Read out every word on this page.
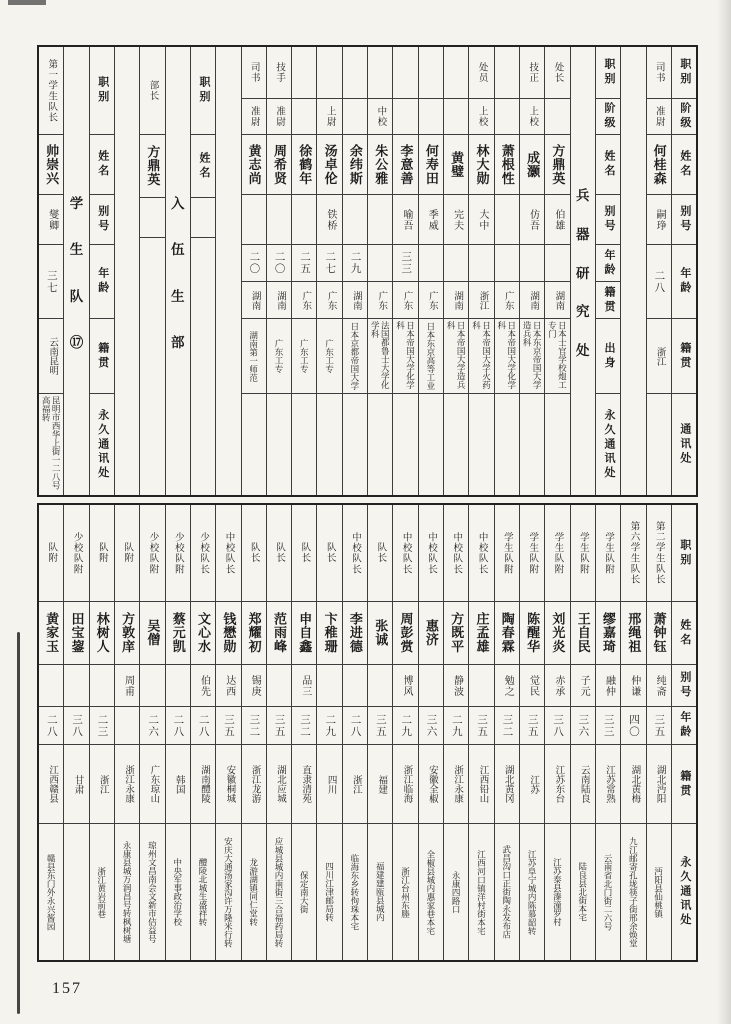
第一学生队长
帅崇兴
燮卿
三七
云南昆明
昆明市西华上街一二八号高福转
学
生
队
⑰
职别
姓名
别号
年龄
籍贯
永久通讯处
部长
方鼎英
入
伍
生
部
职别
姓名
司书
准尉
黄志尚
二〇
湖南
湖南第一师范
技手
准尉
周希贤
二〇
湖南
广东工专
徐鹤年
二五
广东
广东工专
上尉
汤卓伦
铁桥
二七
广东
广东工专
余纬斯
二九
湖南
日本京都帝国大学
中校
朱公雅
广东
法国都鲁士大学化学科
李意善
喻吾
三三
广东
日本帝国大学化学科
何寿田
季威
广东
日本东京高等工业
黄璧
完夫
湖南
日本帝国大学造兵科
处员
上校
林大勋
大中
浙江
日本帝国大学火药科
萧根性
广东
日本帝国大学化学科
技正
上校
成灏
仿吾
湖南
日本东京帝国大学造兵科
处长
方鼎英
伯雄
湖南
日本士官学校炮工专门
兵
器
研
究
处
职别
阶级
姓名
别号
年龄
籍贯
出身
永久通讯处
司书
准尉
何桂森
嗣琤
二八
浙江
职别
阶级
姓名
别号
年龄
籍贯
通讯处
队附
黄家玉
二八
江西赣县
赣县东门外永兴酱园
少校队附
田宝鋆
三八
甘肃
队附
林树人
二三
浙江
浙江黄岩前巷
队附
方敦庠
周甫
浙江永康
永康县城万润昌号转枫树塘
少校队附
吴僧
二六
广东琼山
琼州文昌南会文新市佶益号
少校队附
蔡元凯
二八
韩国
中央军事政治学校
少校队长
文心水
伯先
二八
湖南醴陵
醴陵北城生盛祥转
中校队长
钱懋勋
达西
三五
安徽桐城
安庆大通汤家沟许万隆米行转
队长
郑耀初
锡庚
三二
浙江龙游
龙游湖镇同仁堂转
队长
范雨峰
三五
湖北应城
应城县城内南街三合福药局转
队长
申自鑫
品三
三二
直隶清苑
保定南大街
队长
卞稚珊
二九
四川
四川江津邮局转
中校队长
李进德
二八
浙江
临海东乡转佝珠本宅
队长
张诚
三五
福建
福建建瓯县城内
中校队长
周彭赏
博风
二九
浙江临海
浙江台州东塍
中校队长
惠济
三六
安徽全椒
全椒县城内惠家巷本宅
中校队长
方既平
静波
二九
浙江永康
永康四路口
中校队长
庄孟雄
三五
江西铅山
江西河口镇洋村街本宅
学生队附
陶春霖
勉之
三二
湖北黄冈
武昌沟口正街陶永发布店
学生队附
陈醒华
觉民
三五
江苏
江苏阜宁城内陈慕韶转
学生队附
刘光炎
赤承
三八
江苏东台
江苏泰县溱潼罗村
学生队附
王自民
子元
三六
云南陆良
陆良县北街本宅
学生队附
缪嘉琦
融仲
三三
江苏常熟
云南省北门街二六号
第六学生队长
邢绳祖
仲谦
四〇
湖北黄梅
九江邮寄孔垅筷子街邢余焕堂
第二学生队长
萧钟钰
纯斋
三五
湖北沔阳
沔阳县仙桃镇
职别
姓名
别号
年龄
籍贯
永久通讯处
157
